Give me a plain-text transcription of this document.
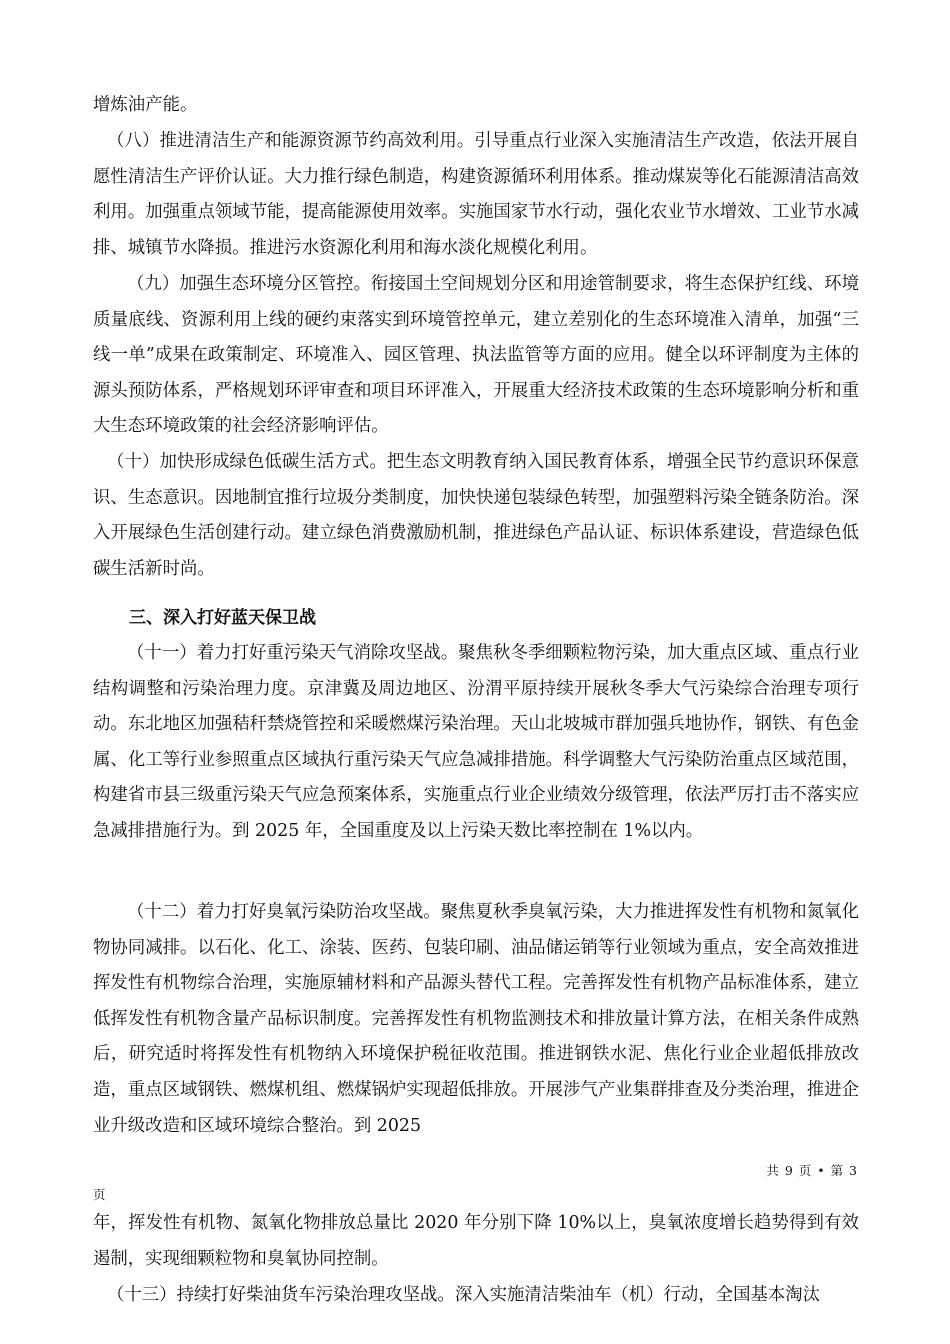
增炼油产能。

（八）推进清洁生产和能源资源节约高效利用。引导重点行业深入实施清洁生产改造，依法开展自愿性清洁生产评价认证。大力推行绿色制造，构建资源循环利用体系。推动煤炭等化石能源清洁高效利用。加强重点领域节能，提高能源使用效率。实施国家节水行动，强化农业节水增效、工业节水减排、城镇节水降损。推进污水资源化利用和海水淡化规模化利用。

（九）加强生态环境分区管控。衔接国土空间规划分区和用途管制要求，将生态保护红线、环境质量底线、资源利用上线的硬约束落实到环境管控单元，建立差别化的生态环境准入清单，加强“三线一单”成果在政策制定、环境准入、园区管理、执法监管等方面的应用。健全以环评制度为主体的源头预防体系，严格规划环评审查和项目环评准入，开展重大经济技术政策的生态环境影响分析和重大生态环境政策的社会经济影响评估。

（十）加快形成绿色低碳生活方式。把生态文明教育纳入国民教育体系，增强全民节约意识环保意识、生态意识。因地制宜推行垃圾分类制度，加快快递包装绿色转型，加强塑料污染全链条防治。深入开展绿色生活创建行动。建立绿色消费激励机制，推进绿色产品认证、标识体系建设，营造绿色低碳生活新时尚。

三、深入打好蓝天保卫战

（十一）着力打好重污染天气消除攻坚战。聚焦秋冬季细颗粒物污染，加大重点区域、重点行业结构调整和污染治理力度。京津冀及周边地区、汾渭平原持续开展秋冬季大气污染综合治理专项行动。东北地区加强秸秆禁烧管控和采暖燃煤污染治理。天山北坡城市群加强兵地协作，钢铁、有色金属、化工等行业参照重点区域执行重污染天气应急减排措施。科学调整大气污染防治重点区域范围，构建省市县三级重污染天气应急预案体系，实施重点行业企业绩效分级管理，依法严厉打击不落实应急减排措施行为。到 2025 年，全国重度及以上污染天数比率控制在 1%以内。

（十二）着力打好臭氧污染防治攻坚战。聚焦夏秋季臭氧污染，大力推进挥发性有机物和氮氧化物协同减排。以石化、化工、涂装、医药、包装印刷、油品储运销等行业领域为重点，安全高效推进挥发性有机物综合治理，实施原辅材料和产品源头替代工程。完善挥发性有机物产品标准体系，建立低挥发性有机物含量产品标识制度。完善挥发性有机物监测技术和排放量计算方法，在相关条件成熟后，研究适时将挥发性有机物纳入环境保护税征收范围。推进钢铁水泥、焦化行业企业超低排放改造，重点区域钢铁、燃煤机组、燃煤锅炉实现超低排放。开展涉气产业集群排查及分类治理，推进企业升级改造和区域环境综合整治。到 2025

共 9 页 • 第 3
页

年，挥发性有机物、氮氧化物排放总量比 2020 年分别下降 10%以上，臭氧浓度增长趋势得到有效遏制，实现细颗粒物和臭氧协同控制。

（十三）持续打好柴油货车污染治理攻坚战。深入实施清洁柴油车（机）行动，全国基本淘汰
